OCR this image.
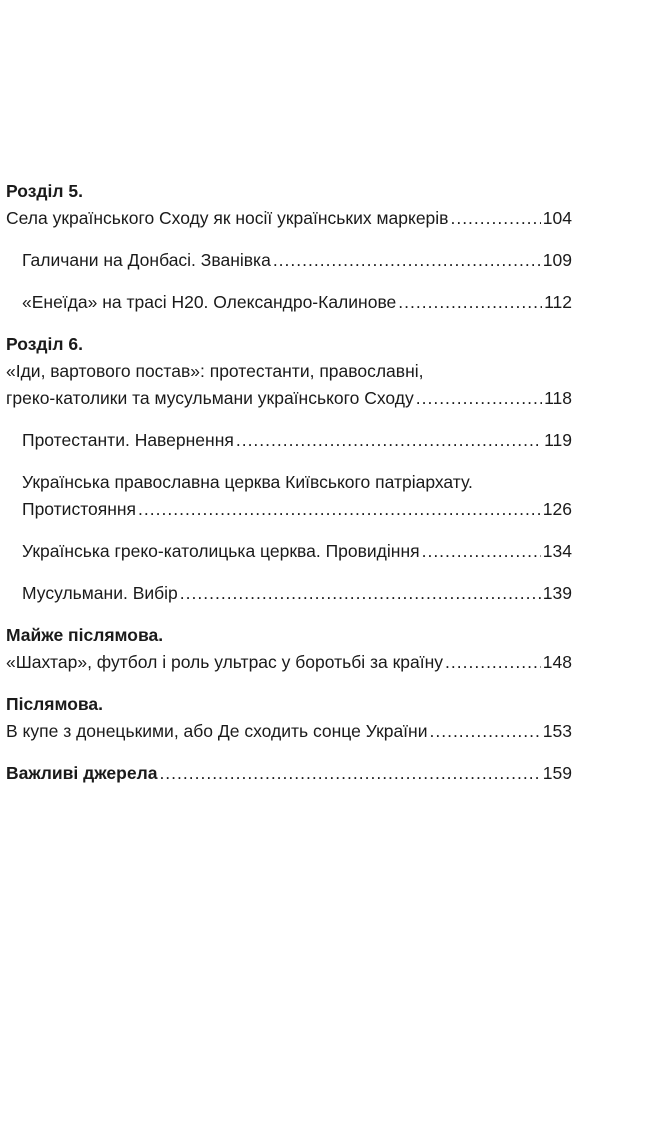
Розділ 5.
Села українського Сходу як носії українських маркерів .....	104
Галичани на Донбасі. Званівка .....	109
«Енеїда» на трасі Н20. Олександро-Калинове .....	112
Розділ 6.
«Іди, вартового постав»: протестанти, православні,
греко-католики та мусульмани українського Сходу .....	118
Протестанти. Навернення .....	119
Українська православна церква Київського патріархату.
Протистояння .....	126
Українська греко-католицька церква. Провидіння .....	134
Мусульмани. Вибір .....	139
Майже післямова.
«Шахтар», футбол і роль ультрас у боротьбі за країну .....	148
Післямова.
В купе з донецькими, або Де сходить сонце України .....	153
Важливі джерела .....	159
